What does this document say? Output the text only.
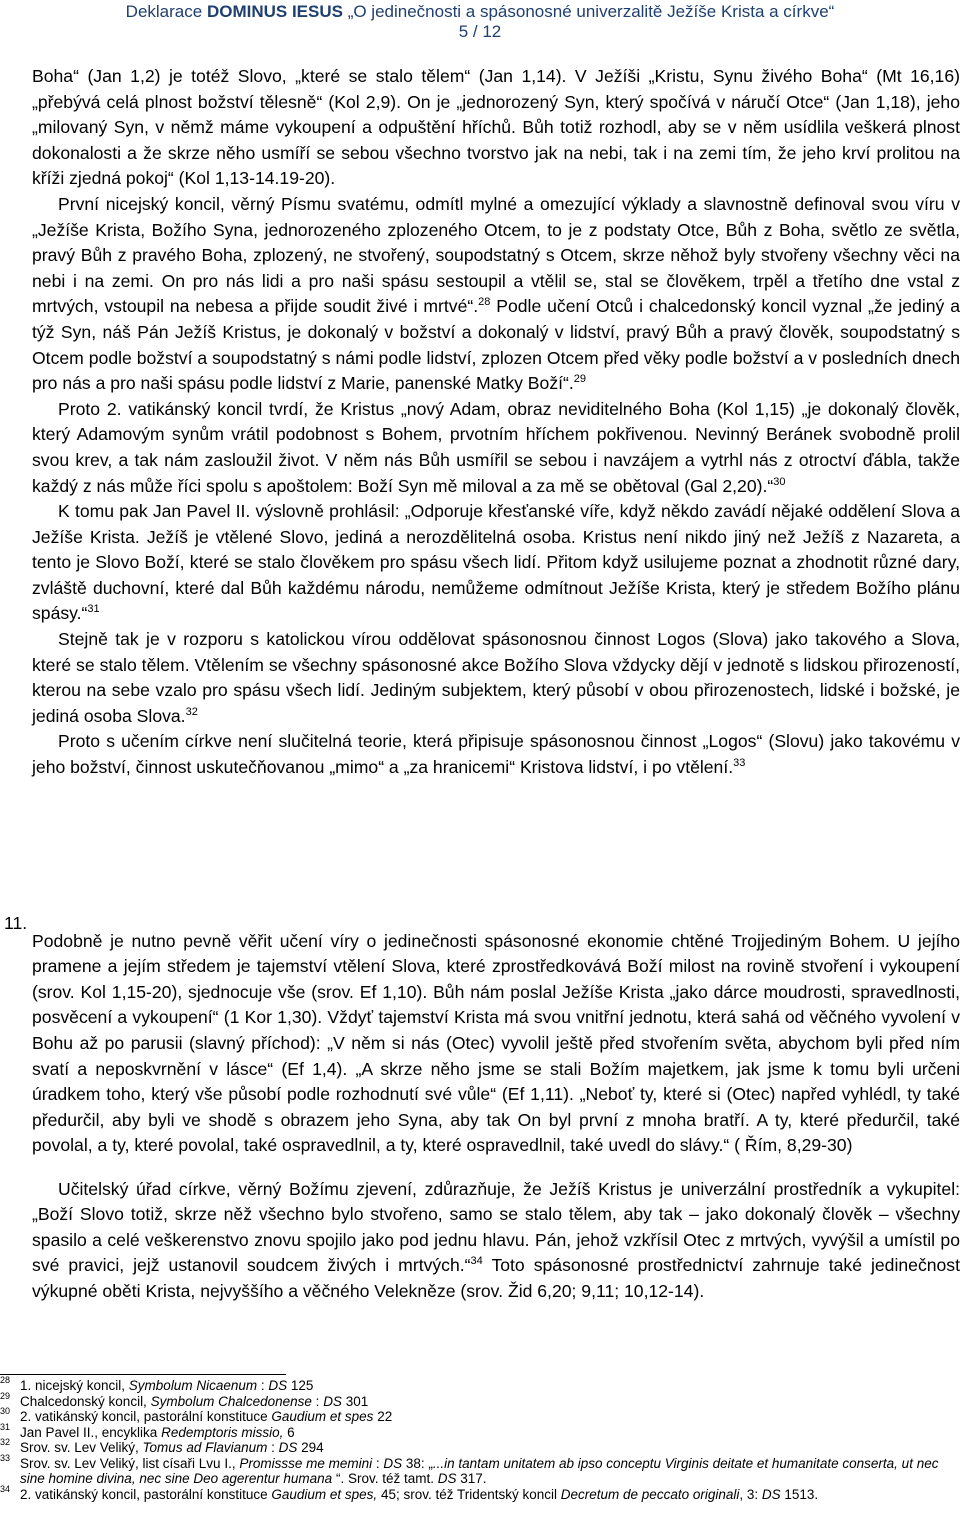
Deklarace DOMINUS IESUS „O jedinečnosti a spásonosné univerzalitě Ježíše Krista a církve“
5 / 12

Boha“ (Jan 1,2) je totéž Slovo, „které se stalo tělem“ (Jan 1,14). V Ježíši „Kristu, Synu živého Boha“ (Mt 16,16) „přebývá celá plnost božství tělesně“ (Kol 2,9). On je „jednorozený Syn, který spočívá v náručí Otce“ (Jan 1,18), jeho „milovaný Syn, v němž máme vykoupení a odpuštění hříchů. Bůh totiž rozhodl, aby se v něm usídlila veškerá plnost dokonalosti a že skrze něho usmíří se sebou všechno tvorstvo jak na nebi, tak i na zemi tím, že jeho krví prolitou na kříži zjedná pokoj“ (Kol 1,13-14.19-20).

První nicejský koncil, věrný Písmu svatému, odmítl mylné a omezující výklady a slavnostně definoval svou víru v „Ježíše Krista, Božího Syna, jednorozeného zplozeného Otcem, to je z podstaty Otce, Bůh z Boha, světlo ze světla, pravý Bůh z pravého Boha, zplozený, ne stvořený, soupodstatný s Otcem, skrze něhož byly stvořeny všechny věci na nebi i na zemi. On pro nás lidi a pro naši spásu sestoupil a vtělil se, stal se člověkem, trpěl a třetího dne vstal z mrtvých, vstoupil na nebesa a přijde soudit živé i mrtvé“.$^{28}$ Podle učení Otců i chalcedonský koncil vyznal „že jediný a týž Syn, náš Pán Ježíš Kristus, je dokonalý v božství a dokonalý v lidství, pravý Bůh a pravý člověk, soupodstatný s Otcem podle božství a soupodstatný s námi podle lidství, zplozen Otcem před věky podle božství a v posledních dnech pro nás a pro naši spásu podle lidství z Marie, panenské Matky Boží“.$^{29}$

Proto 2. vatikánský koncil tvrdí, že Kristus „nový Adam, obraz neviditelného Boha (Kol 1,15) „je dokonalý člověk, který Adamovým synům vrátil podobnost s Bohem, prvotním hříchem pokřivenou. Nevinný Beránek svobodně prolil svou krev, a tak nám zasloužil život. V něm nás Bůh usmířil se sebou i navzájem a vytrhl nás z otroctví ďábla, takže každý z nás může říci spolu s apoštolem: Boží Syn mě miloval a za mě se obětoval (Gal 2,20).“$^{30}$

K tomu pak Jan Pavel II. výslovně prohlásil: „Odporuje křesťanské víře, když někdo zavádí nějaké oddělení Slova a Ježíše Krista. Ježíš je vtělené Slovo, jediná a nerozdělitelná osoba. Kristus není nikdo jiný než Ježíš z Nazareta, a tento je Slovo Boží, které se stalo člověkem pro spásu všech lidí. Přitom když usilujeme poznat a zhodnotit různé dary, zvláště duchovní, které dal Bůh každému národu, nemůžeme odmítnout Ježíše Krista, který je středem Božího plánu spásy.“$^{31}$

Stejně tak je v rozporu s katolickou vírou oddělovat spásonosnou činnost Logos (Slova) jako takového a Slova, které se stalo tělem. Vtělením se všechny spásonosné akce Božího Slova vždycky dějí v jednotě s lidskou přirozeností, kterou na sebe vzalo pro spásu všech lidí. Jediným subjektem, který působí v obou přirozenostech, lidské i božské, je jediná osoba Slova.$^{32}$

Proto s učením církve není slučitelná teorie, která připisuje spásonosnou činnost „Logos“ (Slovu) jako takovému v jeho božství, činnost uskutečňovanou „mimo“ a „za hranicemi“ Kristova lidství, i po vtělení.$^{33}$

11.

Podobně je nutno pevně věřit učení víry o jedinečnosti spásonosné ekonomie chtěné Trojjediným Bohem. U jejího pramene a jejím středem je tajemství vtělení Slova, které zprostředkovává Boží milost na rovině stvoření i vykoupení (srov. Kol 1,15-20), sjednocuje vše (srov. Ef 1,10). Bůh nám poslal Ježíše Krista „jako dárce moudrosti, spravedlnosti, posvěcení a vykoupení“ (1 Kor 1,30). Vždyť tajemství Krista má svou vnitřní jednotu, která sahá od věčného vyvolení v Bohu až po parusii (slavný příchod): „V něm si nás (Otec) vyvolil ještě před stvořením světa, abychom byli před ním svatí a neposkvrnění v lásce“ (Ef 1,4). „A skrze něho jsme se stali Božím majetkem, jak jsme k tomu byli určeni úradkem toho, který vše působí podle rozhodnutí své vůle“ (Ef 1,11). „Neboť ty, které si (Otec) napřed vyhlédl, ty také předurčil, aby byli ve shodě s obrazem jeho Syna, aby tak On byl první z mnoha bratří. A ty, které předurčil, také povolal, a ty, které povolal, také ospravedlnil, a ty, které ospravedlnil, také uvedl do slávy.“ ( Řím, 8,29-30)

Učitelský úřad církve, věrný Božímu zjevení, zdůrazňuje, že Ježíš Kristus je univerzální prostředník a vykupitel: „Boží Slovo totiž, skrze něž všechno bylo stvořeno, samo se stalo tělem, aby tak – jako dokonalý člověk – všechny spasilo a celé veškerenstvo znovu spojilo jako pod jednu hlavu. Pán, jehož vzkřísil Otec z mrtvých, vyvýšil a umístil po své pravici, jejž ustanovil soudcem živých i mrtvých.“$^{34}$ Toto spásonosné prostřednictví zahrnuje také jedinečnost výkupné oběti Krista, nejvyššího a věčného Velekněze (srov. Žid 6,20; 9,11; 10,12-14).

28 1. nicejský koncil, Symbolum Nicaenum : DS 125

29 Chalcedonský koncil, Symbolum Chalcedonense : DS 301

30 2. vatikánský koncil, pastorální konstituce Gaudium et spes 22

31 Jan Pavel II., encyklika Redemptoris missio, 6

32 Srov. sv. Lev Veliký, Tomus ad Flavianum : DS 294

33 Srov. sv. Lev Veliký, list císaři Lvu I., Promissse me memini : DS 38: „...in tantam unitatem ab ipso conceptu Virginis deitate et humanitate conserta, ut nec sine homine divina, nec sine Deo agerentur humana “. Srov. též tamt. DS 317.

34 2. vatikánský koncil, pastorální konstituce Gaudium et spes, 45; srov. též Tridentský koncil Decretum de peccato originali, 3: DS 1513.
